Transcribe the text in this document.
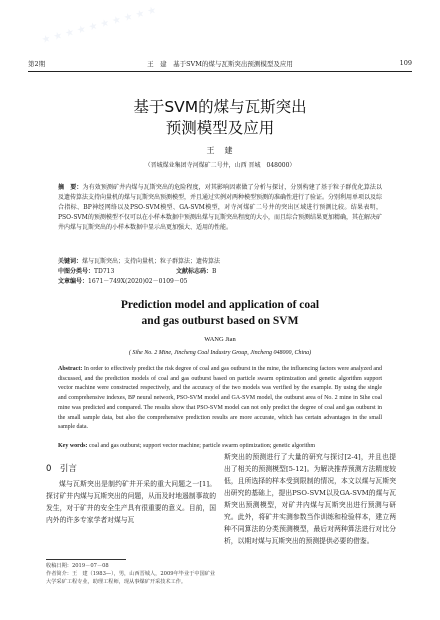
★ ★ ★ ★ ★ ★ ★ ★ ★ ★
第2期	王　建　基于SVM的煤与瓦斯突出预测模型及应用	109
基于SVM的煤与瓦斯突出
预测模型及应用
王　建
（晋城煤业集团寺河煤矿二号井，山西 晋城　048000）
摘　要：为有效预测矿井内煤与瓦斯突出的危险程度，对其影响因素做了分析与探讨，分别构建了基于粒子群优化算法以及遗传算法支持向量机的煤与瓦斯突出预测模型，并且通过实例对两种模型预测的准确性进行了验证。分别利用单项以及综合指标、BP神经网络以及PSO-SVM模型、GA-SVM模型，对寺河煤矿二号井的突出区域进行预测比较。结果表明，PSO-SVM的预测模型不仅可以在小样本数据中预测出煤与瓦斯突出程度的大小，而且综合预测结果更加精确，其在解决矿井内煤与瓦斯突出的小样本数据中显示出更加强大、适用的性能。
关键词：煤与瓦斯突出；支持向量机；粒子群算法；遗传算法
中图分类号：TD713	文献标志码：B文章编号：1671－749X(2020)02－0109－05
Prediction model and application of coal
and gas outburst based on SVM
WANG Jian
( Sihe No. 2 Mine, Jincheng Coal Industry Group, Jincheng 048000, China)
Abstract: In order to effectively predict the risk degree of coal and gas outburst in the mine, the influencing factors were analyzed and discussed, and the prediction models of coal and gas outburst based on particle swarm optimization and genetic algorithm support vector machine were constructed respectively, and the accuracy of the two models was verified by the example. By using the single and comprehensive indexes, BP neural network, PSO-SVM model and GA-SVM model, the outburst area of No. 2 mine in Sihe coal mine was predicted and compared. The results show that PSO-SVM model can not only predict the degree of coal and gas outburst in the small sample data, but also the comprehensive prediction results are more accurate, which has certain advantages in the small sample data.
Key words: coal and gas outburst; support vector machine; particle swarm optimization; genetic algorithm
0  引言
煤与瓦斯突出是制约矿井开采的重大问题之一[1]。探讨矿井内煤与瓦斯突出的问题，从而及时地遏制事故的发生，对于矿井的安全生产具有很重要的意义。目前，国内外的许多专家学者对煤与瓦
斯突出的预测进行了大量的研究与探讨[2-4]，并且也提出了相关的预测模型[5-12]。为解决推荐预测方法精度较低，且所选择的样本受到限制的情况，本文以煤与瓦斯突出研究的基础上，提出PSO-SVM以及GA-SVM的煤与瓦斯突出预测模型，对矿井内煤与瓦斯突出进行预测与研究。此外，将矿井实测参数当作训练和检验样本，建立两种不同算法的分类预测模型，最后对两种算法进行对比分析，以期对煤与瓦斯突出的预测提供必要的借鉴。
收稿日期：2019－07－08
作者简介：王　建（1983—），男，山西晋城人，2009年毕业于中国矿业大学采矿工程专业，助理工程师，现从事煤矿开采技术工作。
